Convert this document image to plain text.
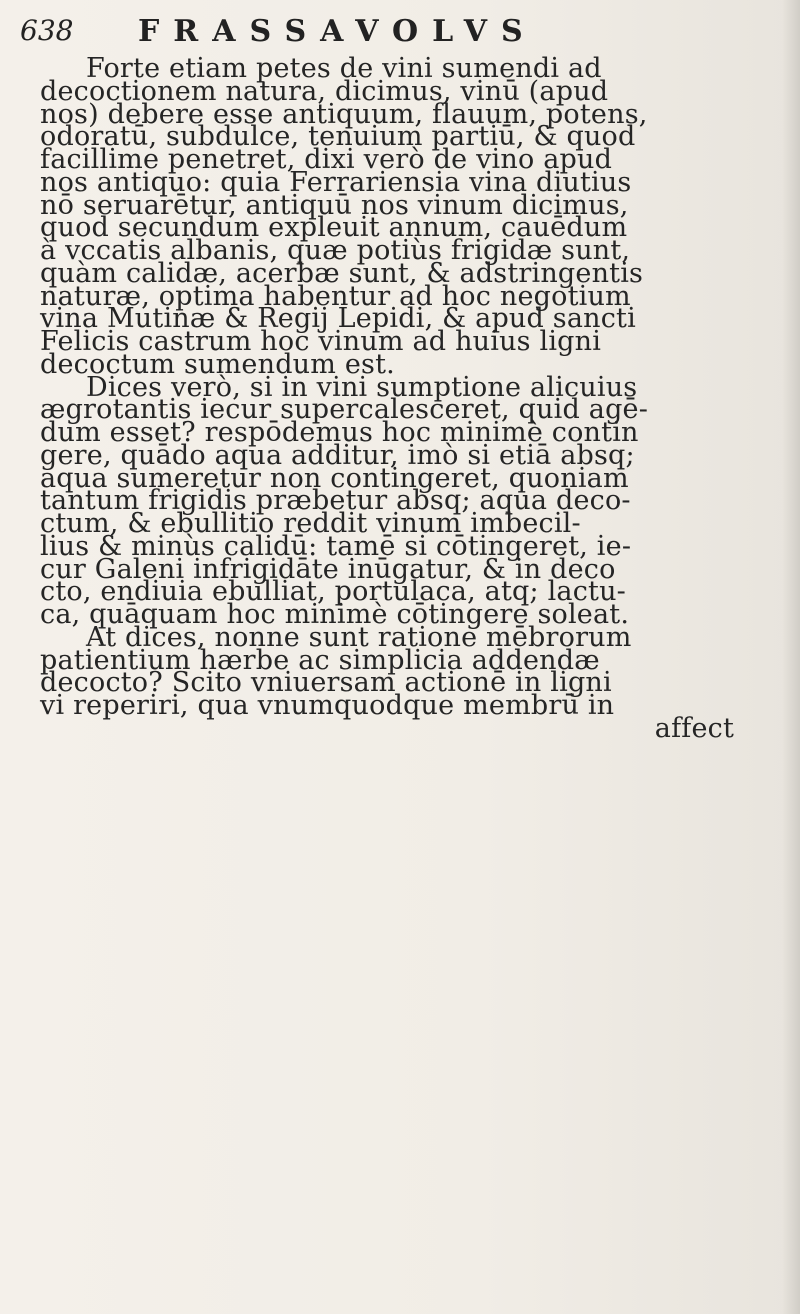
638 FRASSAVOLVS
Forte etiam petes de vini sumendi ad
decoctionem natura, dicimus, vinū (apud
nos) debere esse antiquum, flauum, potens,
odoratū, subdulce, tenuium partiū, & quod
facillime penetret, dixi verò de vino apud
nos antiquo: quia Ferrariensia vina diutius
nō seruarētur, antiquū nos vinum dicimus,
quod secundum expleuit annum, cauēdum
à vccatis albanis, quæ potiùs frigidæ sunt,
quàm calidæ, acerbæ sunt, & adstringentis
naturæ, optima habentur ad hoc negotium
vina Mutinæ & Regij Lepidi, & apud sancti
Felicis castrum hoc vinum ad huius ligni
decoctum sumendum est.
Dices verò, si in vini sumptione alicuius
ægrotantis iecur supercalesceret, quid agē-
dum esset? respōdemus hoc minimè contin
gere, quādo aqua additur, imò si etiā absq;
aqua sumeretur non contingeret, quoniam
tantum frigidis præbetur absq; aqua deco-
ctum, & ebullitio reddit vinum imbecil-
lius & minùs calidū: tamē si cōtingeret, ie-
cur Galeni infrigidāte inūgatur, & in deco
cto, endiuia ebulliat, portulaca, atq; lactu-
ca, quāquam hoc minimè cōtingere soleat.
At dices, nonne sunt ratione mēbrorum
patientium hærbe ac simplicia addendæ
decocto? Scito vniuersam actionē in ligni
vi reperiri, qua vnumquodque membrū in
affect
